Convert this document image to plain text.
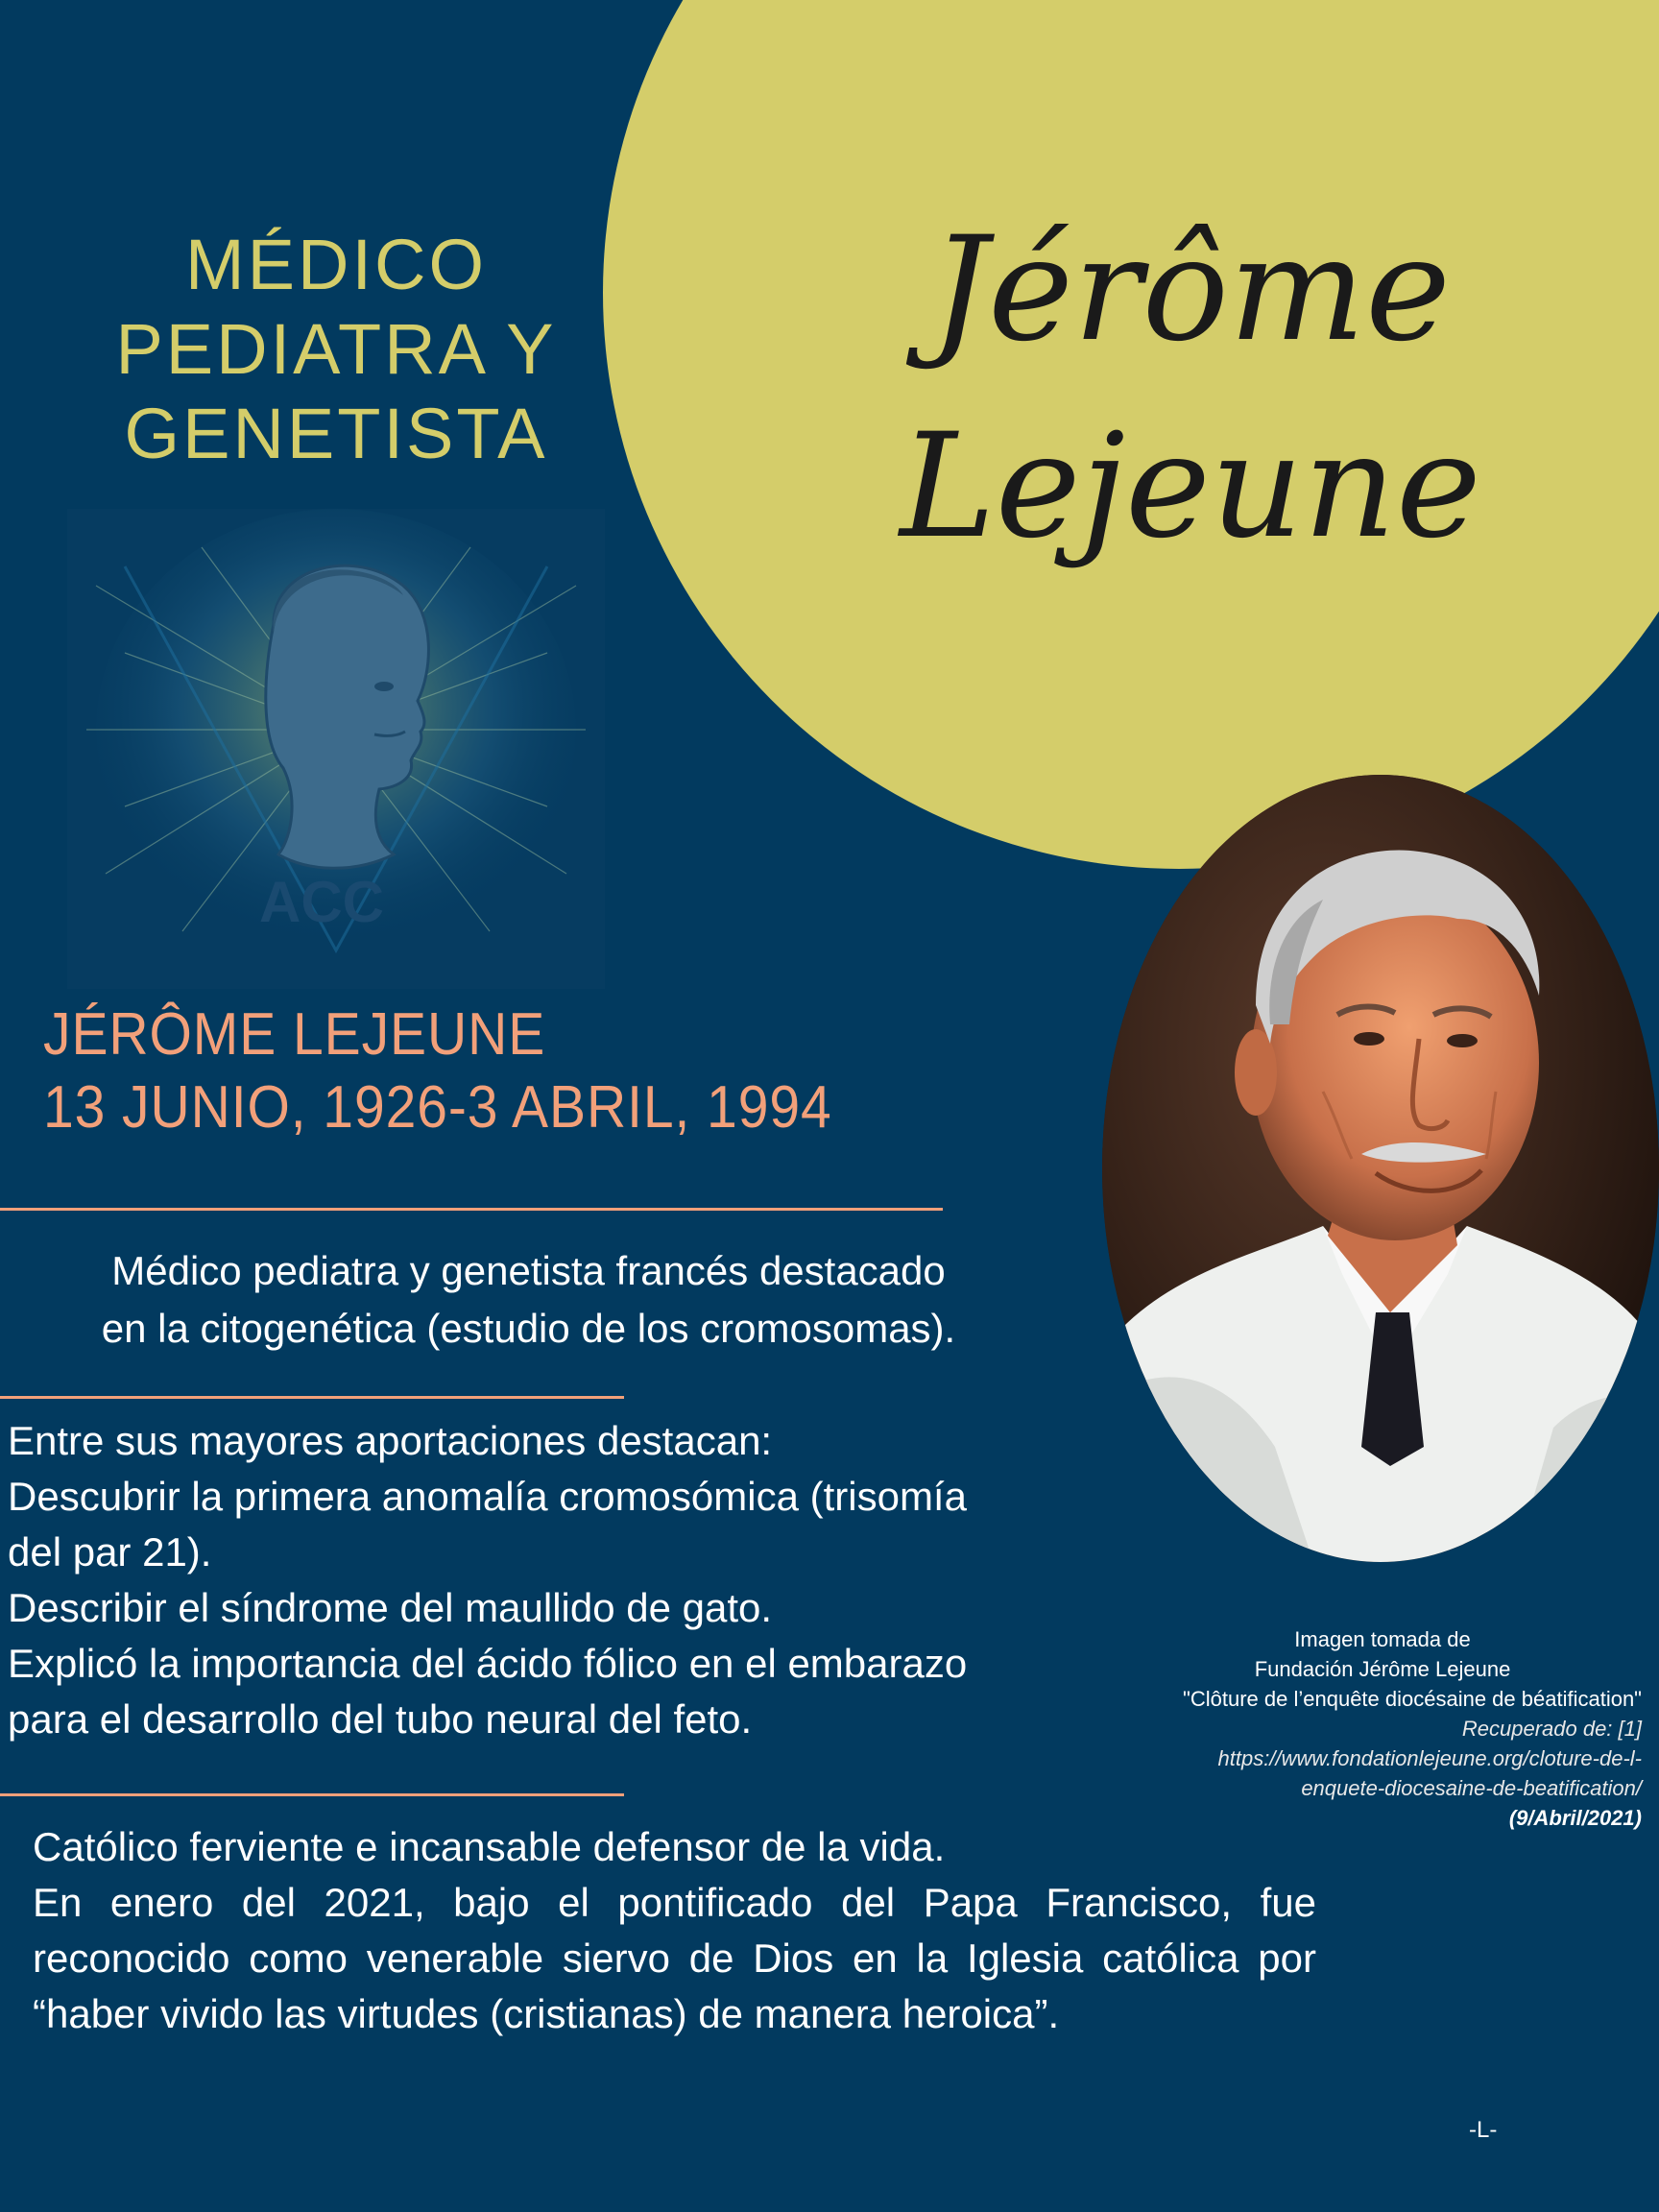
MÉDICO
PEDIATRA Y
GENETISTA
Jérôme
Lejeune
ACC
JÉRÔME LEJEUNE
13 JUNIO, 1926-3 ABRIL, 1994
Médico pediatra y genetista francés destacado
en la citogenética (estudio de los cromosomas).
Entre sus mayores aportaciones destacan:
Descubrir la primera anomalía cromosómica (trisomía
del par 21).
Describir el síndrome del maullido de gato.
Explicó la importancia del ácido fólico en el embarazo
para el desarrollo del tubo neural del feto.
Imagen tomada de
Fundación Jérôme Lejeune
"Clôture de l’enquête diocésaine de béatification"
Recuperado de: [1]
https://www.fondationlejeune.org/cloture-de-l-
enquete-diocesaine-de-beatification/
(9/Abril/2021)
Católico ferviente e incansable defensor de la vida.
En enero del 2021, bajo el pontificado del Papa Francisco, fue reconocido como venerable siervo de Dios en la Iglesia católica por “haber vivido las virtudes (cristianas) de manera heroica”.
-L-
